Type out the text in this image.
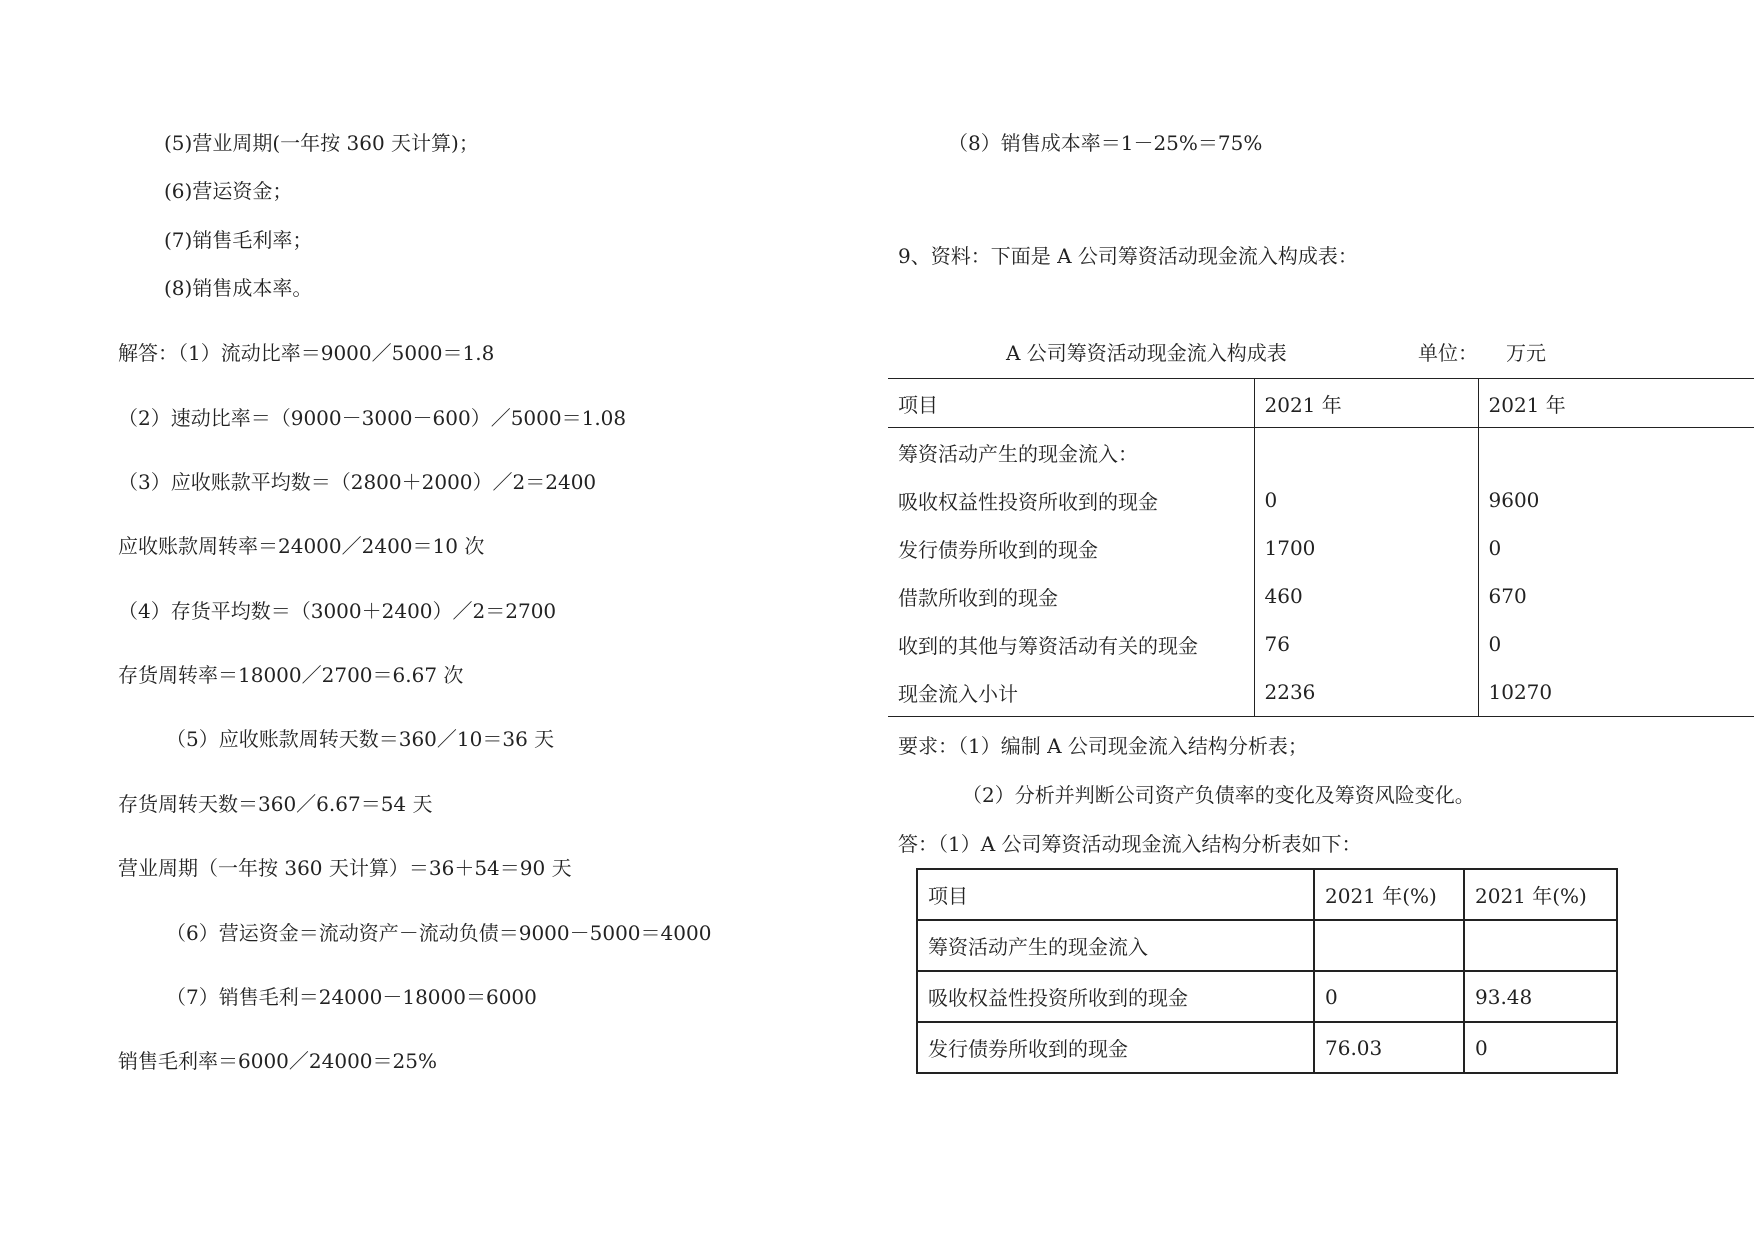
(5)营业周期(一年按 360 天计算)；
(6)营运资金；
(7)销售毛利率；
(8)销售成本率。
解答：（1）流动比率＝9000／5000＝1.8
（2）速动比率＝（9000－3000－600）／5000＝1.08
（3）应收账款平均数＝（2800＋2000）／2＝2400
应收账款周转率＝24000／2400＝10 次
（4）存货平均数＝（3000＋2400）／2＝2700
存货周转率＝18000／2700＝6.67 次
（5）应收账款周转天数＝360／10＝36 天
存货周转天数＝360／6.67＝54 天
营业周期（一年按 360 天计算）＝36＋54＝90 天
（6）营运资金＝流动资产－流动负债＝9000－5000＝4000
（7）销售毛利＝24000－18000＝6000
销售毛利率＝6000／24000＝25%
（8）销售成本率＝1－25%＝75%
9、资料：下面是 A 公司筹资活动现金流入构成表：
A 公司筹资活动现金流入构成表	单位： 万元
项目	2021 年	2021 年
筹资活动产生的现金流入：		
吸收权益性投资所收到的现金	0	9600
发行债券所收到的现金	1700	0
借款所收到的现金	460	670
收到的其他与筹资活动有关的现金	76	0
现金流入小计	2236	10270
要求：（1）编制 A 公司现金流入结构分析表；
（2）分析并判断公司资产负债率的变化及筹资风险变化。
答：（1）A 公司筹资活动现金流入结构分析表如下：
项目	2021 年(%)	2021 年(%)
筹资活动产生的现金流入		
吸收权益性投资所收到的现金	0	93.48
发行债券所收到的现金	76.03	0
